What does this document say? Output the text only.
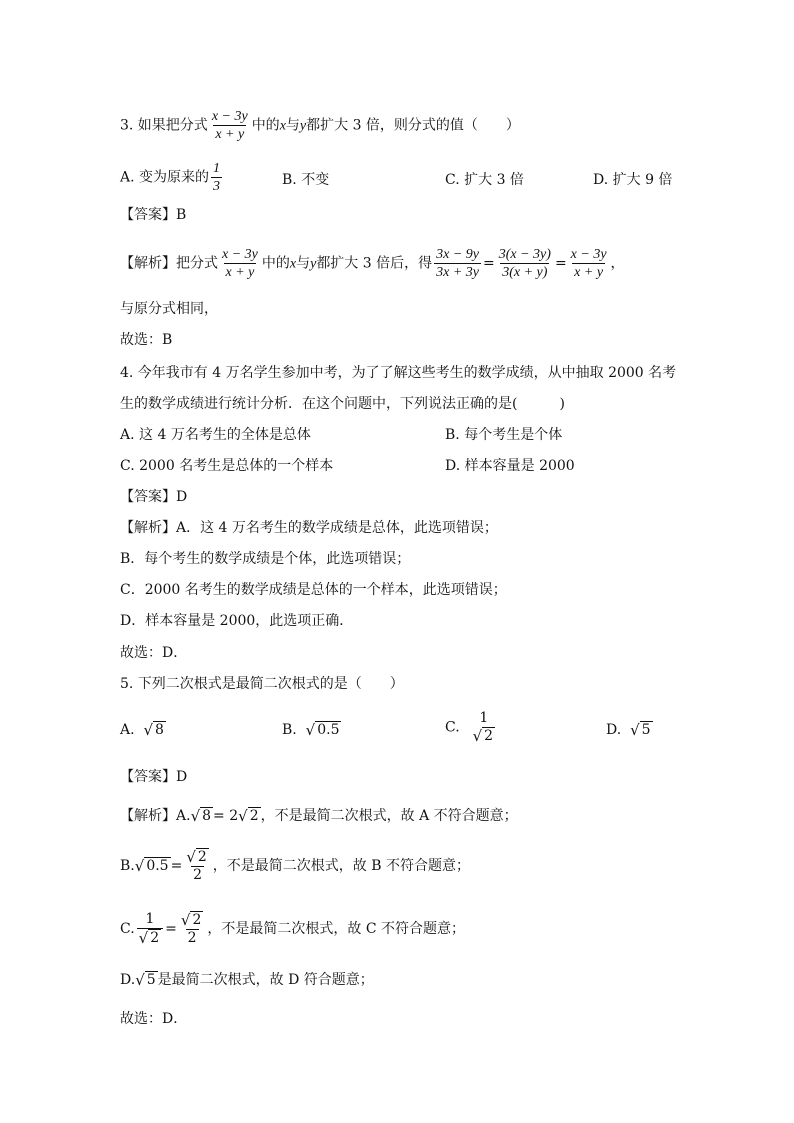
3. 如果把分式 $\frac{x - 3y}{x + y}$ 中的x与y都扩大 3 倍，则分式的值（　　）
A. 变为原来的 $\frac{1}{3}$	B. 不变	C. 扩大 3 倍	D. 扩大 9 倍
【答案】B
【解析】把分式 $\frac{x - 3y}{x + y}$ 中的x与y都扩大 3 倍后，得 $\frac{3x - 9y}{3x + 3y} = \frac{3(x - 3y)}{3(x + y)} = \frac{x - 3y}{x + y}$ ，
与原分式相同，
故选：B
4. 今年我市有 4 万名学生参加中考，为了了解这些考生的数学成绩，从中抽取 2000 名考
生的数学成绩进行统计分析．在这个问题中，下列说法正确的是(　　　)
A. 这 4 万名考生的全体是总体	B. 每个考生是个体
C. 2000 名考生是总体的一个样本	D. 样本容量是 2000
【答案】D
【解析】A．这 4 万名考生的数学成绩是总体，此选项错误；
B．每个考生的数学成绩是个体，此选项错误；
C．2000 名考生的数学成绩是总体的一个样本，此选项错误；
D．样本容量是 2000，此选项正确．
故选：D．
5. 下列二次根式是最简二次根式的是（　　）
A. √ 8	B. √ 0.5	C.
1
√ 2	D. √ 5
【答案】D
【解析】A. √ 8 = 2 √ 2 ，不是最简二次根式，故 A 不符合题意；
B. √ $0.5 = \frac{√ 2}{2}$ ，不是最简二次根式，故 B 不符合题意；
C. $\frac{1}{√ 2} = \frac{√ 2}{2}$ ，不是最简二次根式，故 C 不符合题意；
D. √ 5 是最简二次根式，故 D 符合题意；
故选：D．
